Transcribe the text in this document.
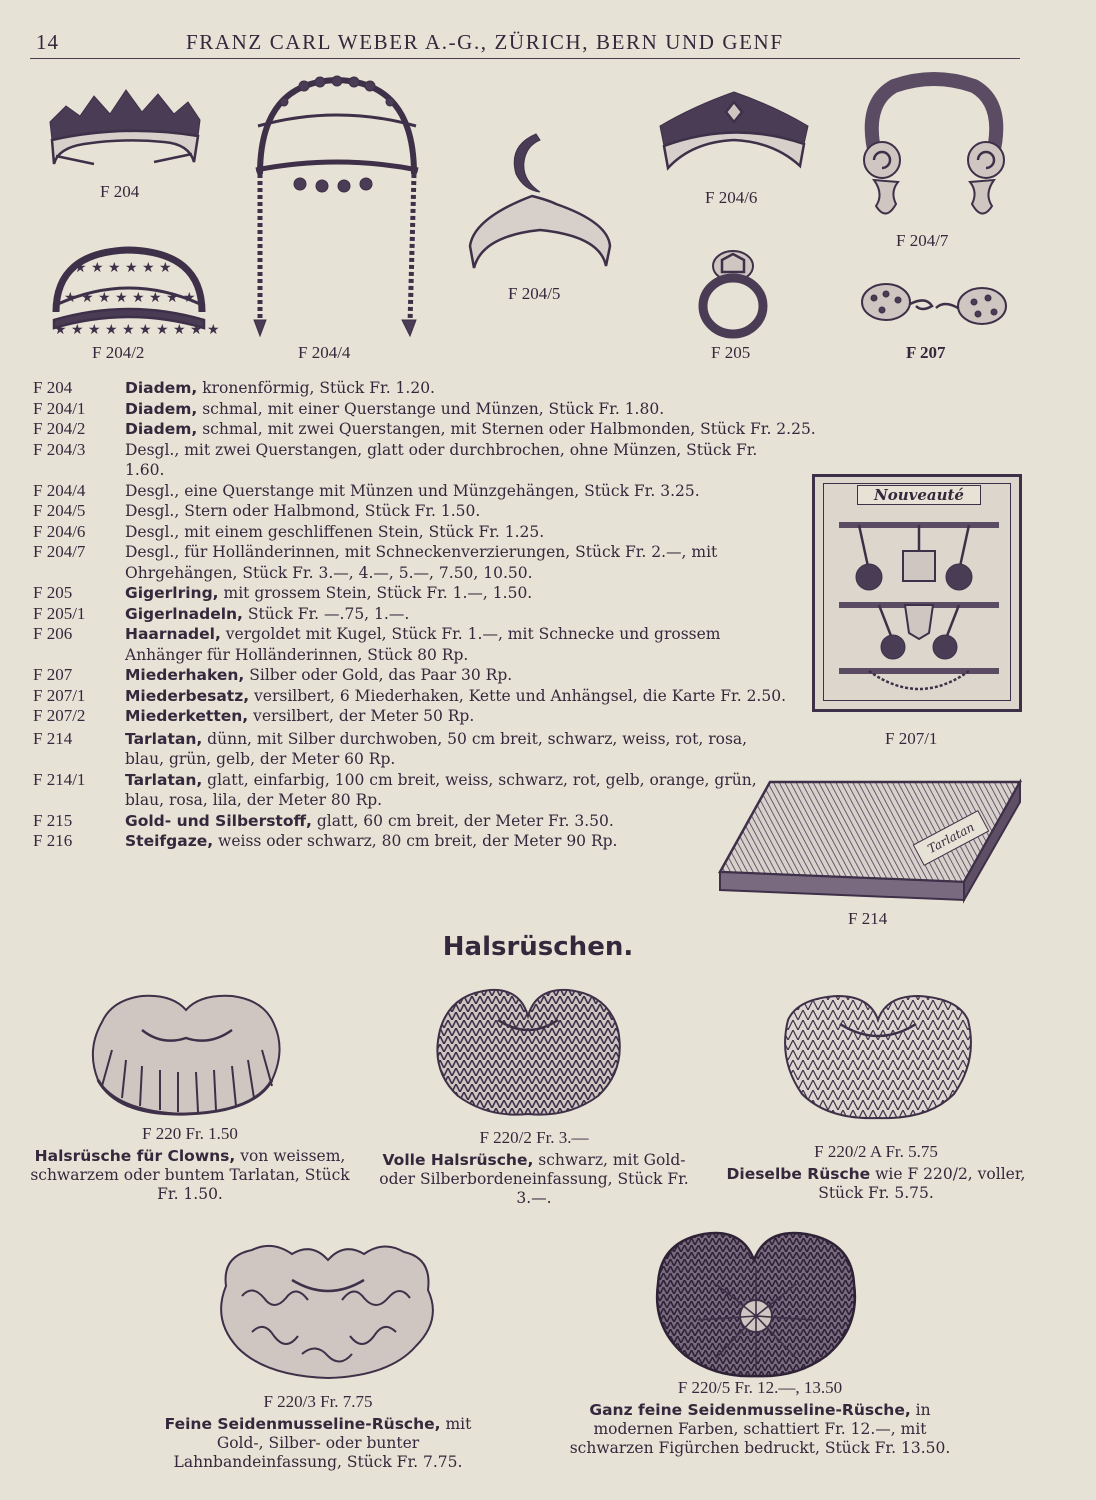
14	FRANZ CARL WEBER A.-G., ZÜRICH, BERN UND GENF
F 204
★ ★ ★ ★ ★ ★
★ ★ ★ ★ ★ ★ ★ ★
★ ★ ★ ★ ★ ★ ★ ★ ★ ★
F 204/2	F 204/4
F 204/5
F 204/6
F 204/7
F 205	F 207
Nouveauté
F 207/1
Tarlatan
F 214
F 204	Diadem, kronenförmig, Stück Fr. 1.20.
F 204/1	Diadem, schmal, mit einer Querstange und Münzen, Stück Fr. 1.80.
F 204/2	Diadem, schmal, mit zwei Querstangen, mit Sternen oder Halbmonden, Stück Fr. 2.25.
F 204/3	Desgl., mit zwei Querstangen, glatt oder durchbrochen, ohne Münzen, Stück Fr. 1.60.
F 204/4	Desgl., eine Querstange mit Münzen und Münzgehängen, Stück Fr. 3.25.
F 204/5	Desgl., Stern oder Halbmond, Stück Fr. 1.50.
F 204/6	Desgl., mit einem geschliffenen Stein, Stück Fr. 1.25.
F 204/7	Desgl., für Holländerinnen, mit Schneckenverzierungen, Stück Fr. 2.—, mit Ohrgehängen, Stück Fr. 3.—, 4.—, 5.—, 7.50, 10.50.
F 205	Gigerlring, mit grossem Stein, Stück Fr. 1.—, 1.50.
F 205/1	Gigerlnadeln, Stück Fr. —.75, 1.—.
F 206	Haarnadel, vergoldet mit Kugel, Stück Fr. 1.—, mit Schnecke und grossem Anhänger für Holländerinnen, Stück 80 Rp.
F 207	Miederhaken, Silber oder Gold, das Paar 30 Rp.
F 207/1	Miederbesatz, versilbert, 6 Miederhaken, Kette und Anhängsel, die Karte Fr. 2.50.
F 207/2	Miederketten, versilbert, der Meter 50 Rp.
F 214	Tarlatan, dünn, mit Silber durchwoben, 50 cm breit, schwarz, weiss, rot, rosa, blau, grün, gelb, der Meter 60 Rp.
F 214/1	Tarlatan, glatt, einfarbig, 100 cm breit, weiss, schwarz, rot, gelb, orange, grün, blau, rosa, lila, der Meter 80 Rp.
F 215	Gold- und Silberstoff, glatt, 60 cm breit, der Meter Fr. 3.50.
F 216	Steifgaze, weiss oder schwarz, 80 cm breit, der Meter 90 Rp.
Halsrüschen.
F 220 Fr. 1.50
Halsrüsche für Clowns, von weissem, schwarzem oder buntem Tarlatan, Stück Fr. 1.50.
F 220/2 Fr. 3.—
Volle Halsrüsche, schwarz, mit Gold- oder Silberbordeneinfassung, Stück Fr. 3.—.
F 220/2 A Fr. 5.75
Dieselbe Rüsche wie F 220/2, voller, Stück Fr. 5.75.
F 220/3 Fr. 7.75
Feine Seidenmusseline-Rüsche, mit Gold-, Silber- oder bunter Lahnbandeinfassung, Stück Fr. 7.75.
F 220/5 Fr. 12.—, 13.50
Ganz feine Seidenmusseline-Rüsche, in modernen Farben, schattiert Fr. 12.—, mit schwarzen Figürchen bedruckt, Stück Fr. 13.50.
